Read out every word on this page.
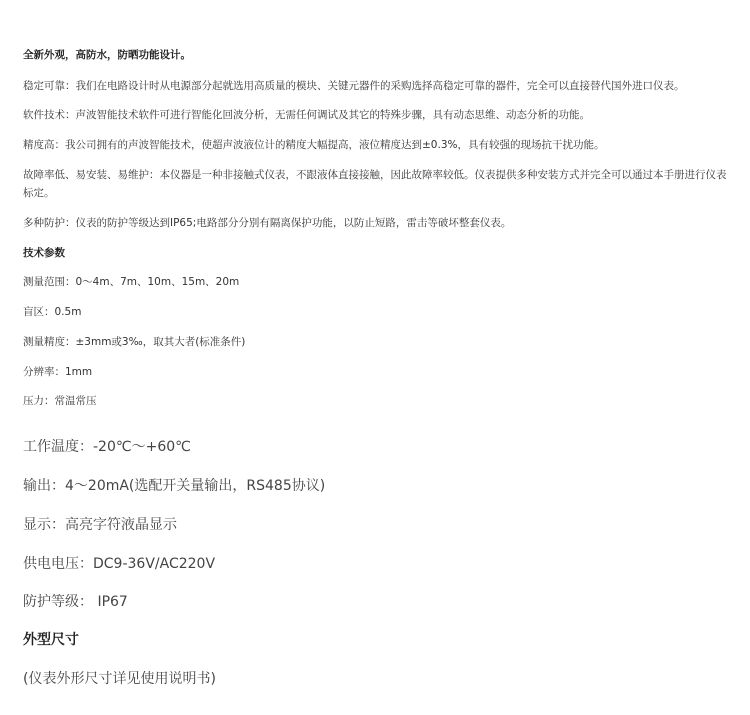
全新外观，高防水，防晒功能设计。
稳定可靠：我们在电路设计时从电源部分起就选用高质量的模块、关键元器件的采购选择高稳定可靠的器件，完全可以直接替代国外进口仪表。
软件技术：声波智能技术软件可进行智能化回波分析，无需任何调试及其它的特殊步骤，具有动态思维、动态分析的功能。
精度高：我公司拥有的声波智能技术，使超声波液位计的精度大幅提高，液位精度达到±0.3%，具有较强的现场抗干扰功能。
故障率低、易安装、易维护：本仪器是一种非接触式仪表，不跟液体直接接触，因此故障率较低。仪表提供多种安装方式并完全可以通过本手册进行仪表标定。
多种防护：仪表的防护等级达到IP65;电路部分分别有隔离保护功能，以防止短路，雷击等破坏整套仪表。
技术参数
测量范围：0～4m、7m、10m、15m、20m
盲区：0.5m
测量精度：±3mm或3‰，取其大者(标准条件)
分辨率：1mm
压力：常温常压
工作温度：-20℃～+60℃
输出：4～20mA(选配开关量输出，RS485协议)
显示：高亮字符液晶显示
供电电压：DC9-36V/AC220V
防护等级： IP67
外型尺寸
(仪表外形尺寸详见使用说明书)
